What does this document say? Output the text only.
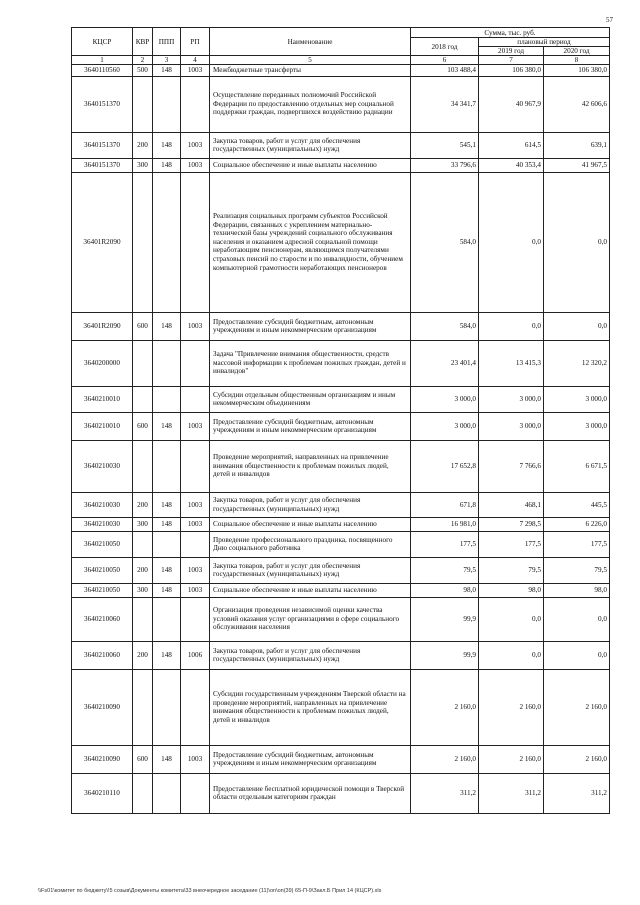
57
КЦСР	КВР	ППП	РП	Наименование	Сумма, тыс. руб.		
					2018 год	плановый период	
						2019 год	2020 год
1	2	3	4	5	6	7	8
3640110560	500	148	1003	Межбюджетные трансферты	103 488,4	106 380,0	106 380,0
3640151370				Осуществление переданных полномочий Российской Федерации по предоставлению отдельных мер социальной поддержки граждан, подвергшихся воздействию радиации	34 341,7	40 967,9	42 606,6
3640151370	200	148	1003	Закупка товаров, работ и услуг для обеспечения государственных (муниципальных) нужд	545,1	614,5	639,1
3640151370	300	148	1003	Социальное обеспечение и иные выплаты населению	33 796,6	40 353,4	41 967,5
36401R2090				Реализация социальных программ субъектов Российской Федерации, связанных с укреплением материально-технической базы учреждений социального обслуживания населения и оказанием адресной социальной помощи неработающим пенсионерам, являющимся получателями страховых пенсий по старости и по инвалидности, обучением компьютерной грамотности неработающих пенсионеров	584,0	0,0	0,0
36401R2090	600	148	1003	Предоставление субсидий бюджетным, автономным учреждениям и иным некоммерческим организациям	584,0	0,0	0,0
3640200000				Задача "Привлечение внимания общественности, средств массовой информации к проблемам пожилых граждан, детей и инвалидов"	23 401,4	13 415,3	12 320,2
3640210010				Субсидии отдельным общественным организациям и иным некоммерческим объединениям	3 000,0	3 000,0	3 000,0
3640210010	600	148	1003	Предоставление субсидий бюджетным, автономным учреждениям и иным некоммерческим организациям	3 000,0	3 000,0	3 000,0
3640210030				Проведение мероприятий, направленных на привлечение внимания общественности к проблемам пожилых людей, детей и инвалидов	17 652,8	7 766,6	6 671,5
3640210030	200	148	1003	Закупка товаров, работ и услуг для обеспечения государственных (муниципальных) нужд	671,8	468,1	445,5
3640210030	300	148	1003	Социальное обеспечение и иные выплаты населению	16 981,0	7 298,5	6 226,0
3640210050				Проведение профессионального праздника, посвященного Дню социального работника	177,5	177,5	177,5
3640210050	200	148	1003	Закупка товаров, работ и услуг для обеспечения государственных (муниципальных) нужд	79,5	79,5	79,5
3640210050	300	148	1003	Социальное обеспечение и иные выплаты населению	98,0	98,0	98,0
3640210060				Организация проведения независимой оценки качества условий оказания услуг организациями в сфере социального обслуживания населения	99,9	0,0	0,0
3640210060	200	148	1006	Закупка товаров, работ и услуг для обеспечения государственных (муниципальных) нужд	99,9	0,0	0,0
3640210090				Субсидии государственным учреждениям Тверской области на проведение мероприятий, направленных на привлечение внимания общественности к проблемам пожилых людей, детей и инвалидов	2 160,0	2 160,0	2 160,0
3640210090	600	148	1003	Предоставление субсидий бюджетным, автономным учреждениям и иным некоммерческим организациям	2 160,0	2 160,0	2 160,0
3640210110				Предоставление бесплатной юридической помощи в Тверской области отдельным категориям граждан	311,2	311,2	311,2
\\Fs01\комитет по бюджету\!5 созыв\Документы комитета\33 внеочередное заседание (11)\on\on(39) 65-П-9\Закл.Б Прил 14 (КЦСР).xls
